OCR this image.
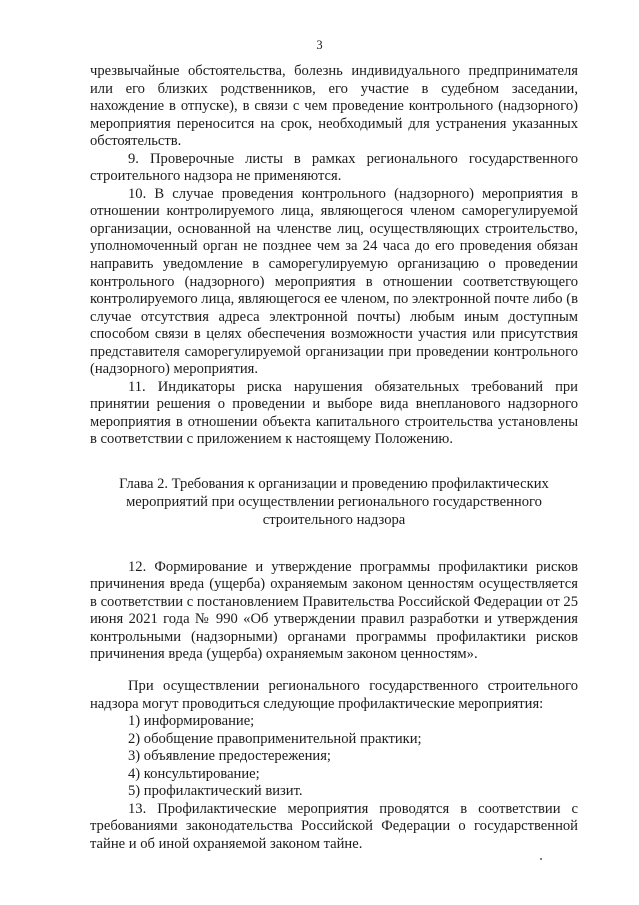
3

чрезвычайные обстоятельства, болезнь индивидуального предпринимателя или его близких родственников, его участие в судебном заседании, нахождение в отпуске), в связи с чем проведение контрольного (надзорного) мероприятия переносится на срок, необходимый для устранения указанных обстоятельств.

9. Проверочные листы в рамках регионального государственного строительного надзора не применяются.

10. В случае проведения контрольного (надзорного) мероприятия в отношении контролируемого лица, являющегося членом саморегулируемой организации, основанной на членстве лиц, осуществляющих строительство, уполномоченный орган не позднее чем за 24 часа до его проведения обязан направить уведомление в саморегулируемую организацию о проведении контрольного (надзорного) мероприятия в отношении соответствующего контролируемого лица, являющегося ее членом, по электронной почте либо (в случае отсутствия адреса электронной почты) любым иным доступным способом связи в целях обеспечения возможности участия или присутствия представителя саморегулируемой организации при проведении контрольного (надзорного) мероприятия.

11. Индикаторы риска нарушения обязательных требований при принятии решения о проведении и выборе вида внепланового надзорного мероприятия в отношении объекта капитального строительства установлены в соответствии с приложением к настоящему Положению.

Глава 2. Требования к организации и проведению профилактических
мероприятий при осуществлении регионального государственного
строительного надзора

12. Формирование и утверждение программы профилактики рисков причинения вреда (ущерба) охраняемым законом ценностям осуществляется в соответствии с постановлением Правительства Российской Федерации от 25 июня 2021 года № 990 «Об утверждении правил разработки и утверждения контрольными (надзорными) органами программы профилактики рисков причинения вреда (ущерба) охраняемым законом ценностям».

При осуществлении регионального государственного строительного надзора могут проводиться следующие профилактические мероприятия:

1) информирование;

2) обобщение правоприменительной практики;

3) объявление предостережения;

4) консультирование;

5) профилактический визит.

13. Профилактические мероприятия проводятся в соответствии с требованиями законодательства Российской Федерации о государственной тайне и об иной охраняемой законом тайне.
